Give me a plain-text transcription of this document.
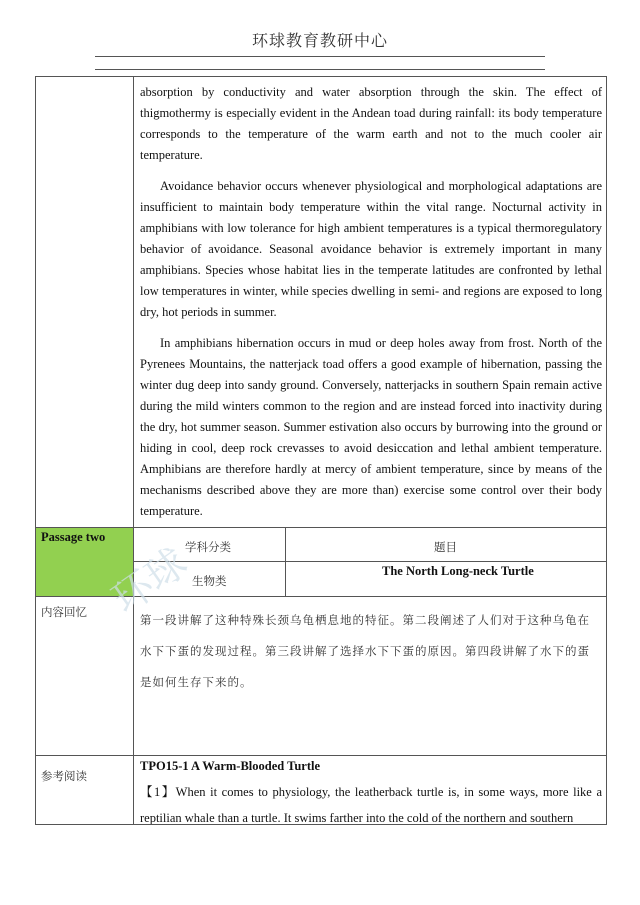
环球教育教研中心
环球

absorption by conductivity and water absorption through the skin. The effect of thigmothermy is especially evident in the Andean toad during rainfall: its body temperature corresponds to the temperature of the warm earth and not to the much cooler air temperature.

Avoidance behavior occurs whenever physiological and morphological adaptations are insufficient to maintain body temperature within the vital range. Nocturnal activity in amphibians with low tolerance for high ambient temperatures is a typical thermoregulatory behavior of avoidance. Seasonal avoidance behavior is extremely important in many amphibians. Species whose habitat lies in the temperate latitudes are confronted by lethal low temperatures in winter, while species dwelling in semi- and regions are exposed to long dry, hot periods in summer.

In amphibians hibernation occurs in mud or deep holes away from frost. North of the Pyrenees Mountains, the natterjack toad offers a good example of hibernation, passing the winter dug deep into sandy ground. Conversely, natterjacks in southern Spain remain active during the mild winters common to the region and are instead forced into inactivity during the dry, hot summer season. Summer estivation also occurs by burrowing into the ground or hiding in cool, deep rock crevasses to avoid desiccation and lethal ambient temperature. Amphibians are therefore hardly at mercy of ambient temperature, since by means of the mechanisms described above they are more than) exercise some control over their body temperature.

Passage two
学科分类	题目
生物类
The North Long-neck Turtle
内容回忆
第一段讲解了这种特殊长颈乌龟栖息地的特征。第二段阐述了人们对于这种乌龟在水下下蛋的发现过程。第三段讲解了选择水下下蛋的原因。第四段讲解了水下的蛋是如何生存下来的。
参考阅读
TPO15-1 A Warm-Blooded Turtle
【1】When it comes to physiology, the leatherback turtle is, in some ways, more like a reptilian whale than a turtle. It swims farther into the cold of the northern and southern
